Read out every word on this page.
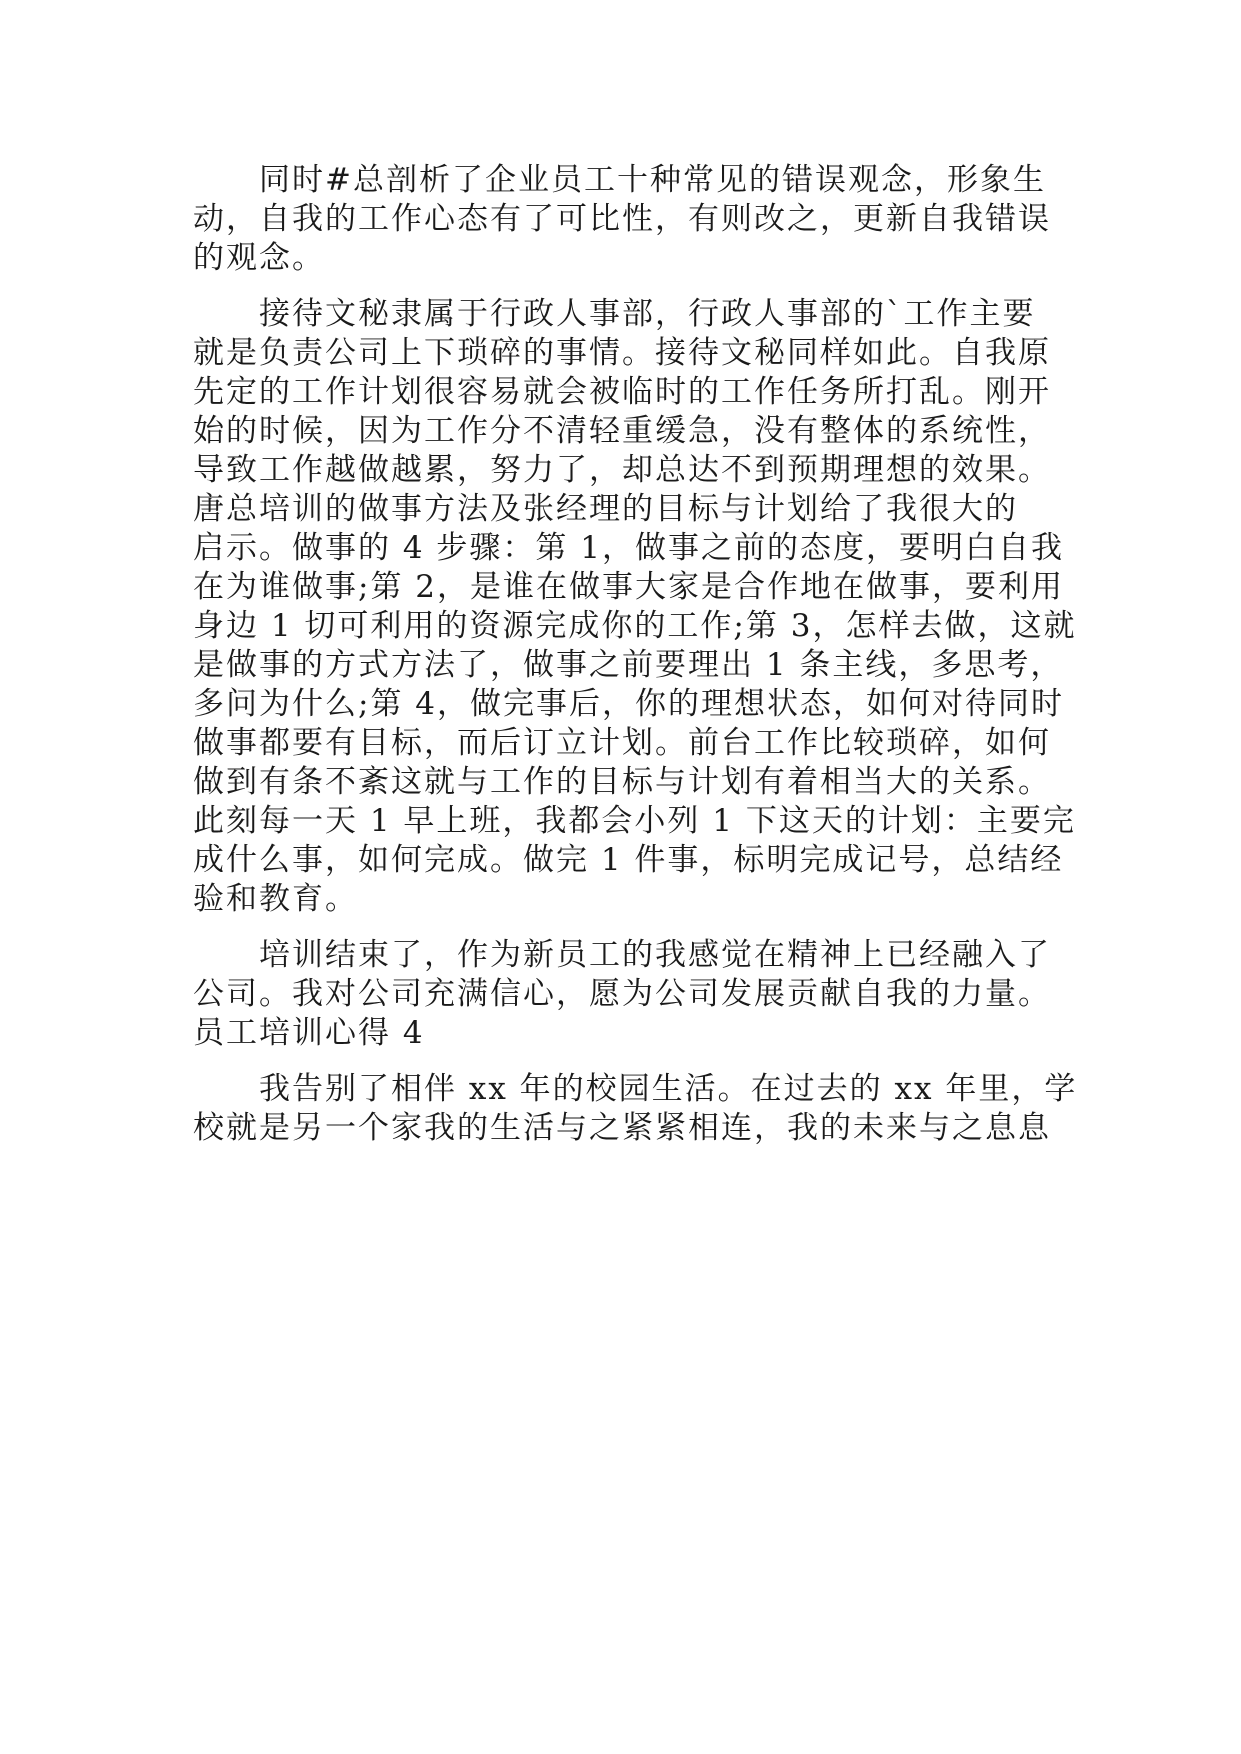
　　同时#总剖析了企业员工十种常见的错误观念，形象生
动，自我的工作心态有了可比性，有则改之，更新自我错误
的观念。
　　接待文秘隶属于行政人事部，行政人事部的`工作主要
就是负责公司上下琐碎的事情。接待文秘同样如此。自我原
先定的工作计划很容易就会被临时的工作任务所打乱。刚开
始的时候，因为工作分不清轻重缓急，没有整体的系统性，
导致工作越做越累，努力了，却总达不到预期理想的效果。
唐总培训的做事方法及张经理的目标与计划给了我很大的
启示。做事的 4 步骤：第 1，做事之前的态度，要明白自我
在为谁做事;第 2，是谁在做事大家是合作地在做事，要利用
身边 1 切可利用的资源完成你的工作;第 3，怎样去做，这就
是做事的方式方法了，做事之前要理出 1 条主线，多思考，
多问为什么;第 4，做完事后，你的理想状态，如何对待同时
做事都要有目标，而后订立计划。前台工作比较琐碎，如何
做到有条不紊这就与工作的目标与计划有着相当大的关系。
此刻每一天 1 早上班，我都会小列 1 下这天的计划：主要完
成什么事，如何完成。做完 1 件事，标明完成记号，总结经
验和教育。
　　培训结束了，作为新员工的我感觉在精神上已经融入了
公司。我对公司充满信心，愿为公司发展贡献自我的力量。
员工培训心得 4
　　我告别了相伴 xx 年的校园生活。在过去的 xx 年里，学
校就是另一个家我的生活与之紧紧相连，我的未来与之息息
